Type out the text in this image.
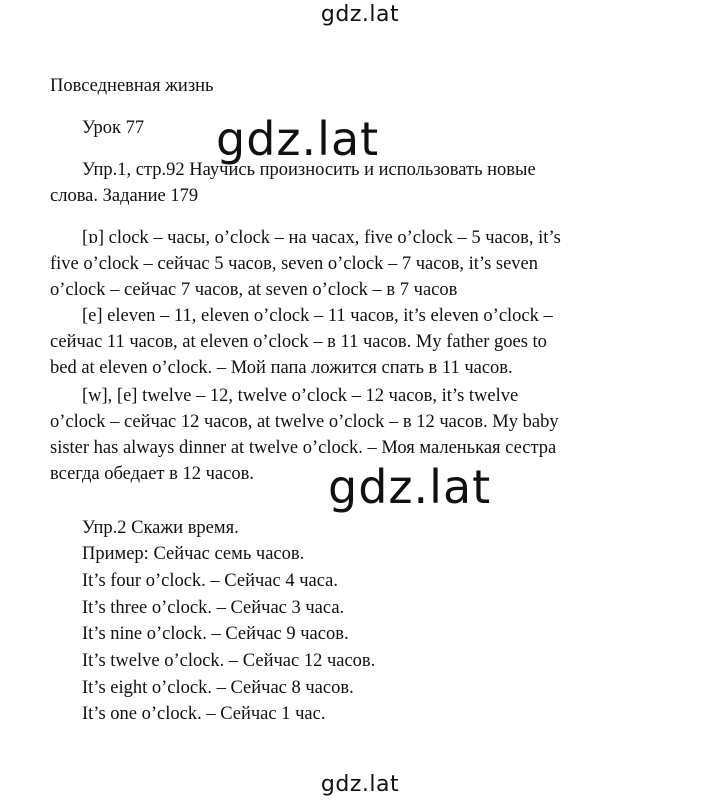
gdz.lat
Повседневная жизнь
Урок 77 gdz.lat
Упр.1, стр.92 Научись произносить и использовать новые
слова. Задание 179
[ɒ] clock – часы, o’clock – на часах, five o’clock – 5 часов, it’s
five o’clock – сейчас 5 часов, seven o’clock – 7 часов, it’s seven
o’clock – сейчас 7 часов, at seven o’clock – в 7 часов
[e] eleven – 11, eleven o’clock – 11 часов, it’s eleven o’clock –
сейчас 11 часов, at eleven o’clock – в 11 часов. My father goes to
bed at eleven o’clock. – Мой папа ложится спать в 11 часов.
[w], [e] twelve – 12, twelve o’clock – 12 часов, it’s twelve
o’clock – сейчас 12 часов, at twelve o’clock – в 12 часов. My baby
sister has always dinner at twelve o’clock. – Моя маленькая сестра
всегда обедает в 12 часов. gdz.lat
Упр.2 Скажи время.
Пример: Сейчас семь часов.
It’s four o’clock. – Сейчас 4 часа.
It’s three o’clock. – Сейчас 3 часа.
It’s nine o’clock. – Сейчас 9 часов.
It’s twelve o’clock. – Сейчас 12 часов.
It’s eight o’clock. – Сейчас 8 часов.
It’s one o’clock. – Сейчас 1 час.
gdz.lat
